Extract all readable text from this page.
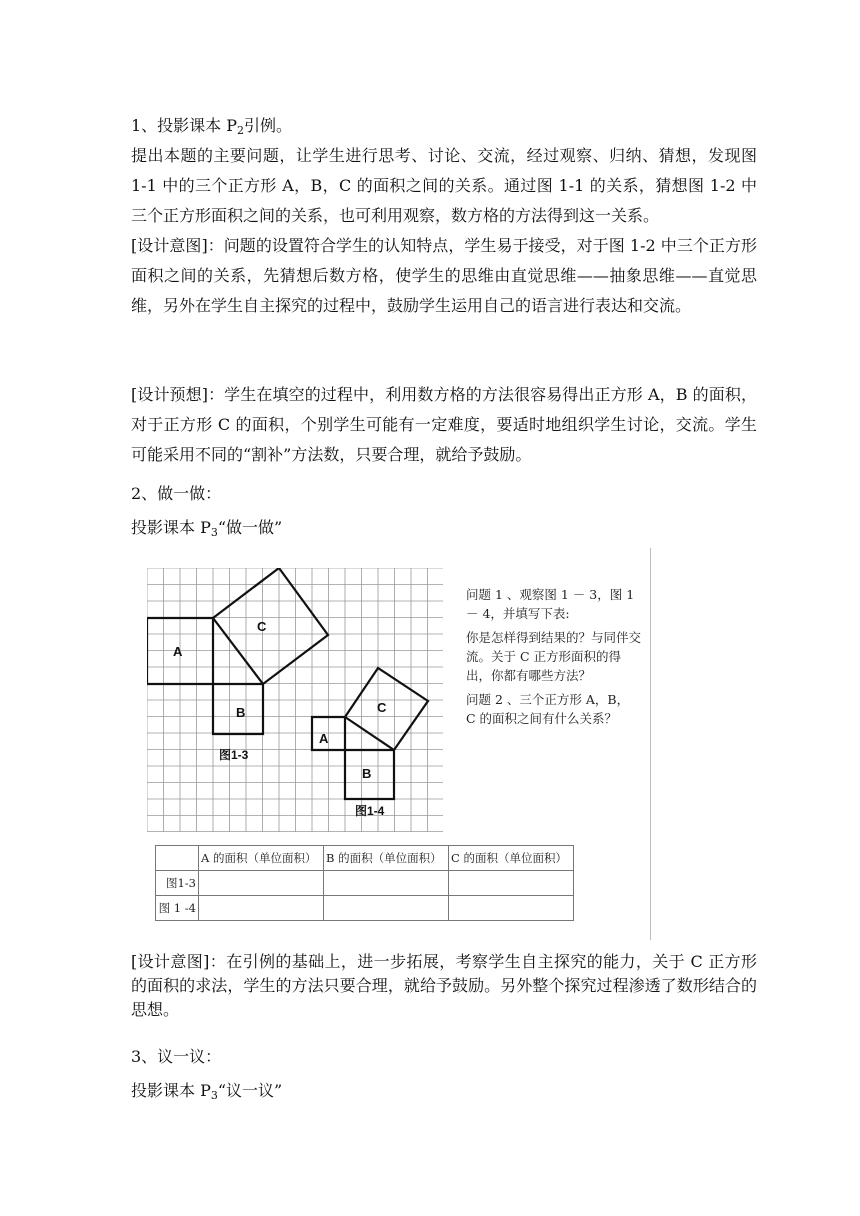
1、投影课本 $P_2$引例。
提出本题的主要问题，让学生进行思考、讨论、交流，经过观察、归纳、猜想，发现图 1-1 中的三个正方形 A，B，C 的面积之间的关系。通过图 1-1 的关系，猜想图 1-2 中三个正方形面积之间的关系，也可利用观察，数方格的方法得到这一关系。
[设计意图]：问题的设置符合学生的认知特点，学生易于接受，对于图 1-2 中三个正方形面积之间的关系，先猜想后数方格，使学生的思维由直觉思维——抽象思维——直觉思维，另外在学生自主探究的过程中，鼓励学生运用自己的语言进行表达和交流。
[设计预想]：学生在填空的过程中，利用数方格的方法很容易得出正方形 A，B 的面积，对于正方形 C 的面积，个别学生可能有一定难度，要适时地组织学生讨论，交流。学生可能采用不同的“割补”方法数，只要合理，就给予鼓励。
2、做一做：
投影课本 $P_3“$做一做”
A
C
B
图1-3
A
C
B
图1-4

问题 1 、观察图 1 － 3，图 1 － 4，并填写下表:

你是怎样得到结果的？与同伴交流。关于 C 正方形面积的得出，你都有哪些方法？

问题 2 、三个正方形 A，B， C 的面积之间有什么关系？

	A 的面积（单位面积）	B 的面积（单位面积）	C 的面积（单位面积）
图1-3			
图 1 -4			
[设计意图]：在引例的基础上，进一步拓展，考察学生自主探究的能力，关于 C 正方形的面积的求法，学生的方法只要合理，就给予鼓励。另外整个探究过程渗透了数形结合的思想。
3、议一议：
投影课本 $P_3“$议一议”
